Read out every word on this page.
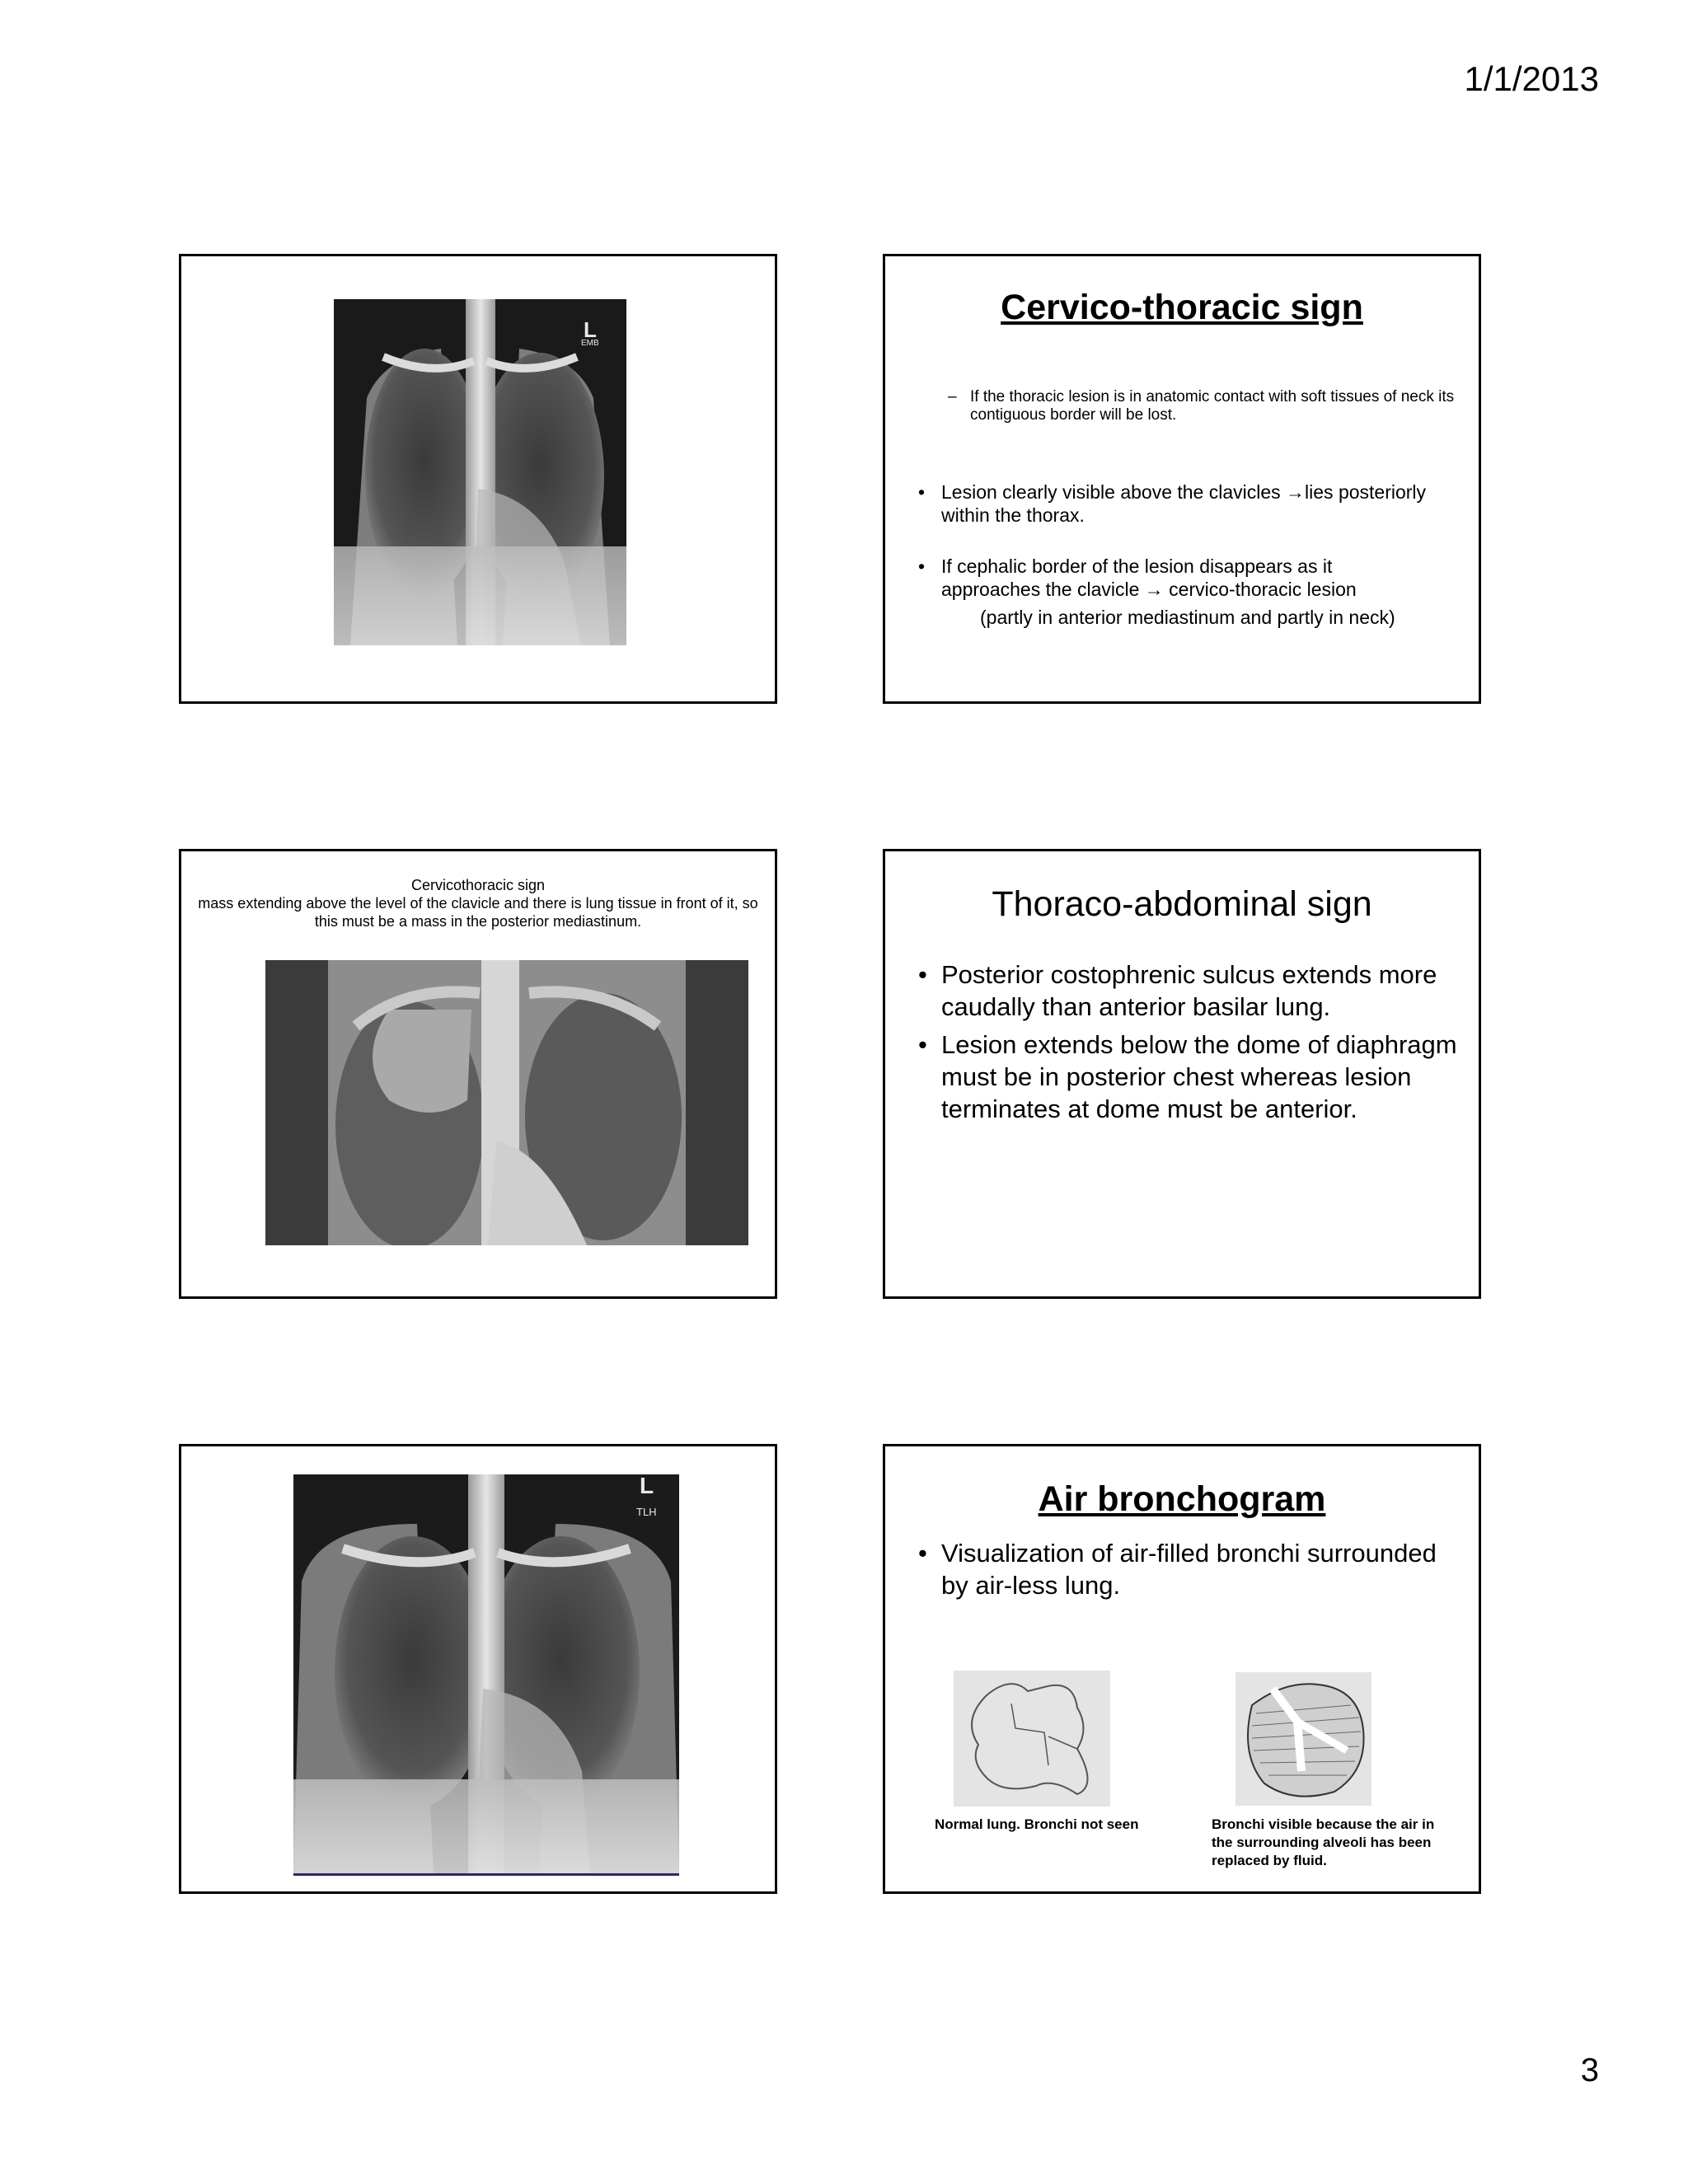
1/1/2013
L
EMB
Cervico-thoracic sign
– If the thoracic lesion is in anatomic contact with soft tissues of neck its contiguous border will be lost.
• Lesion clearly visible above the clavicles →lies posteriorly within the thorax.
• If cephalic border of the lesion disappears as it approaches the clavicle → cervico-thoracic lesion
(partly in anterior mediastinum and partly in neck)
Cervicothoracic sign
mass extending above the level of the clavicle and there is lung tissue in front of it, so this must be a mass in the posterior mediastinum.	Thoraco-abdominal sign
• Posterior costophrenic sulcus extends more caudally than anterior basilar lung.
• Lesion extends below the dome of diaphragm must be in posterior chest whereas lesion terminates at dome must be anterior.
L
TLH	Air bronchogram
• Visualization of air-filled bronchi surrounded by air-less lung.
Normal lung. Bronchi not seen	Bronchi visible because the air in the surrounding alveoli has been replaced by fluid.
3
